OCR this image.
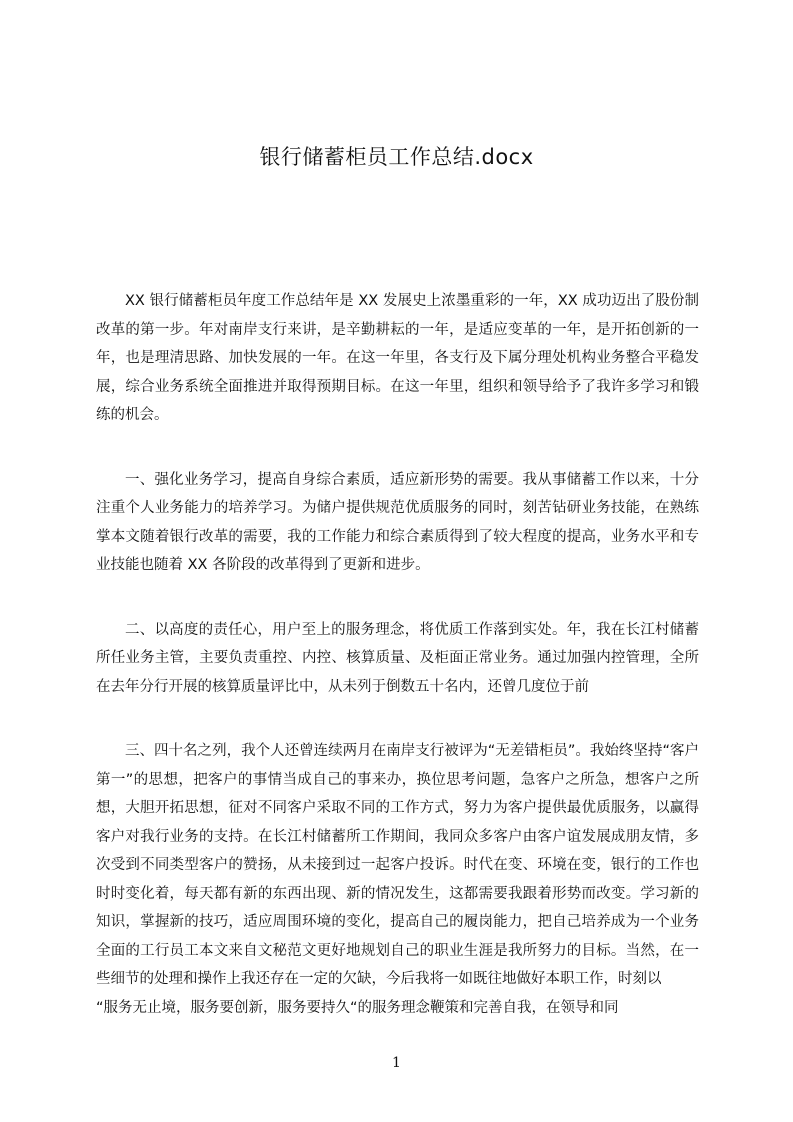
银行储蓄柜员工作总结.docx

XX 银行储蓄柜员年度工作总结年是 XX 发展史上浓墨重彩的一年，XX 成功迈出了股份制改革的第一步。年对南岸支行来讲，是辛勤耕耘的一年，是适应变革的一年，是开拓创新的一年，也是理清思路、加快发展的一年。在这一年里，各支行及下属分理处机构业务整合平稳发展，综合业务系统全面推进并取得预期目标。在这一年里，组织和领导给予了我许多学习和锻练的机会。

一、强化业务学习，提高自身综合素质，适应新形势的需要。我从事储蓄工作以来，十分注重个人业务能力的培养学习。为储户提供规范优质服务的同时，刻苦钻研业务技能，在熟练掌本文随着银行改革的需要，我的工作能力和综合素质得到了较大程度的提高，业务水平和专业技能也随着 XX 各阶段的改革得到了更新和进步。

二、以高度的责任心，用户至上的服务理念，将优质工作落到实处。年，我在长江村储蓄所任业务主管，主要负责重控、内控、核算质量、及柜面正常业务。通过加强内控管理，全所在去年分行开展的核算质量评比中，从未列于倒数五十名内，还曾几度位于前

三、四十名之列，我个人还曾连续两月在南岸支行被评为“无差错柜员”。我始终坚持“客户第一”的思想，把客户的事情当成自己的事来办，换位思考问题，急客户之所急，想客户之所想，大胆开拓思想，征对不同客户采取不同的工作方式，努力为客户提供最优质服务，以赢得客户对我行业务的支持。在长江村储蓄所工作期间，我同众多客户由客户谊发展成朋友情，多次受到不同类型客户的赞扬，从未接到过一起客户投诉。时代在变、环境在变，银行的工作也时时变化着，每天都有新的东西出现、新的情况发生，这都需要我跟着形势而改变。学习新的知识，掌握新的技巧，适应周围环境的变化，提高自己的履岗能力，把自己培养成为一个业务全面的工行员工本文来自文秘范文更好地规划自己的职业生涯是我所努力的目标。当然，在一些细节的处理和操作上我还存在一定的欠缺，今后我将一如既往地做好本职工作，时刻以

“服务无止境，服务要创新，服务要持久“的服务理念鞭策和完善自我，在领导和同

1
